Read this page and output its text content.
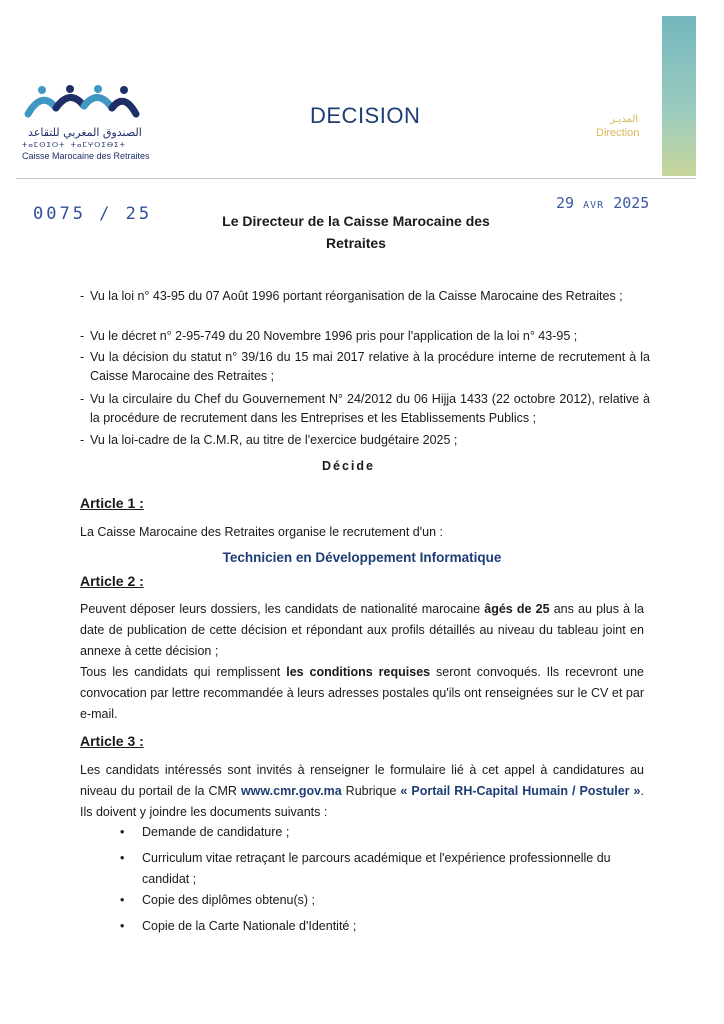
الصندوق المغربي للتقاعد
ⵜⴰⵎⵙⵉⵔⵜ ⵜⴰⵎⵖⵔⵉⴱⵉⵜ
Caisse Marocaine des Retraites
DECISION	المديـر
Direction
0075 / 25
29 AVR 2025
Le Directeur de la Caisse Marocaine des Retraites
- Vu la loi n° 43-95 du 07 Août 1996 portant réorganisation de la Caisse Marocaine des Retraites ;
- Vu le décret n° 2-95-749 du 20 Novembre 1996 pris pour l'application de la loi n° 43-95 ;
- Vu la décision du statut n° 39/16 du 15 mai 2017 relative à la procédure interne de recrutement à la Caisse Marocaine des Retraites ;
- Vu la circulaire du Chef du Gouvernement N° 24/2012 du 06 Hijja 1433 (22 octobre 2012), relative à la procédure de recrutement dans les Entreprises et les Etablissements Publics ;
- Vu la loi-cadre de la C.M.R, au titre de l'exercice budgétaire 2025 ;
Décide
Article 1 :
La Caisse Marocaine des Retraites organise le recrutement d'un :
Technicien en Développement Informatique
Article 2 :
Peuvent déposer leurs dossiers, les candidats de nationalité marocaine âgés de 25 ans au plus à la date de publication de cette décision et répondant aux profils détaillés au niveau du tableau joint en annexe à cette décision ;
Tous les candidats qui remplissent les conditions requises seront convoqués. Ils recevront une convocation par lettre recommandée à leurs adresses postales qu'ils ont renseignées sur le CV et par e-mail.
Article 3 :
Les candidats intéressés sont invités à renseigner le formulaire lié à cet appel à candidatures au niveau du portail de la CMR www.cmr.gov.ma Rubrique « Portail RH-Capital Humain / Postuler ». Ils doivent y joindre les documents suivants :
•	Demande de candidature ;
•	Curriculum vitae retraçant le parcours académique et l'expérience professionnelle du candidat ;
•	Copie des diplômes obtenu(s) ;
•	Copie de la Carte Nationale d'Identité ;
